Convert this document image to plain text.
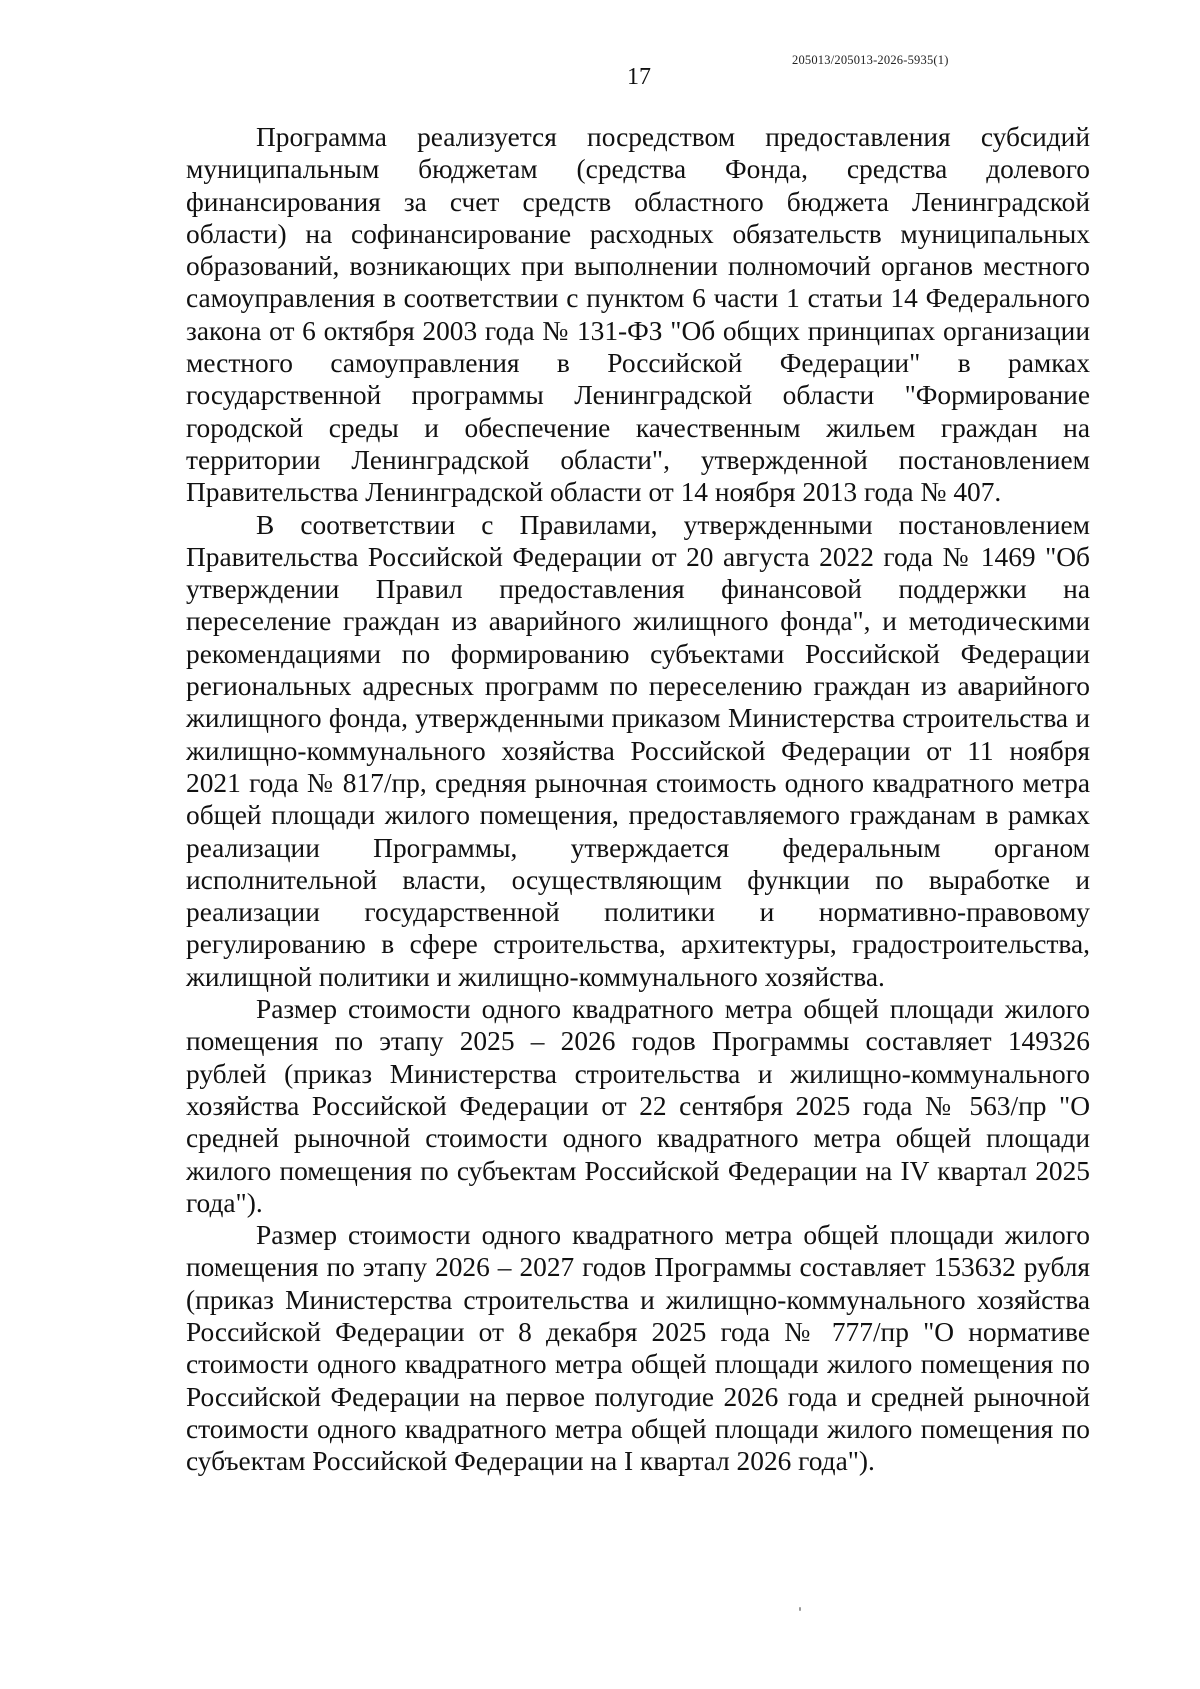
205013/205013-2026-5935(1)
17

Программа реализуется посредством предоставления субсидий муниципальным бюджетам (средства Фонда, средства долевого финансирования за счет средств областного бюджета Ленинградской области) на софинансирование расходных обязательств муниципальных образований, возникающих при выполнении полномочий органов местного самоуправления в соответствии с пунктом 6 части 1 статьи 14 Федерального закона от 6 октября 2003 года № 131-ФЗ "Об общих принципах организации местного самоуправления в Российской Федерации" в рамках государственной программы Ленинградской области "Формирование городской среды и обеспечение качественным жильем граждан на территории Ленинградской области", утвержденной постановлением Правительства Ленинградской области от 14 ноября 2013 года № 407.

В соответствии с Правилами, утвержденными постановлением Правительства Российской Федерации от 20 августа 2022 года № 1469 "Об утверждении Правил предоставления финансовой поддержки на переселение граждан из аварийного жилищного фонда", и методическими рекомендациями по формированию субъектами Российской Федерации региональных адресных программ по переселению граждан из аварийного жилищного фонда, утвержденными приказом Министерства строительства и жилищно-коммунального хозяйства Российской Федерации от 11 ноября 2021 года № 817/пр, средняя рыночная стоимость одного квадратного метра общей площади жилого помещения, предоставляемого гражданам в рамках реализации Программы, утверждается федеральным органом исполнительной власти, осуществляющим функции по выработке и реализации государственной политики и нормативно-правовому регулированию в сфере строительства, архитектуры, градостроительства, жилищной политики и жилищно-коммунального хозяйства.

Размер стоимости одного квадратного метра общей площади жилого помещения по этапу 2025 – 2026 годов Программы составляет 149326 рублей (приказ Министерства строительства и жилищно-коммунального хозяйства Российской Федерации от 22 сентября 2025 года № 563/пр "О средней рыночной стоимости одного квадратного метра общей площади жилого помещения по субъектам Российской Федерации на IV квартал 2025 года").

Размер стоимости одного квадратного метра общей площади жилого помещения по этапу 2026 – 2027 годов Программы составляет 153632 рубля (приказ Министерства строительства и жилищно-коммунального хозяйства Российской Федерации от 8 декабря 2025 года № 777/пр "О нормативе стоимости одного квадратного метра общей площади жилого помещения по Российской Федерации на первое полугодие 2026 года и средней рыночной стоимости одного квадратного метра общей площади жилого помещения по субъектам Российской Федерации на I квартал 2026 года").
